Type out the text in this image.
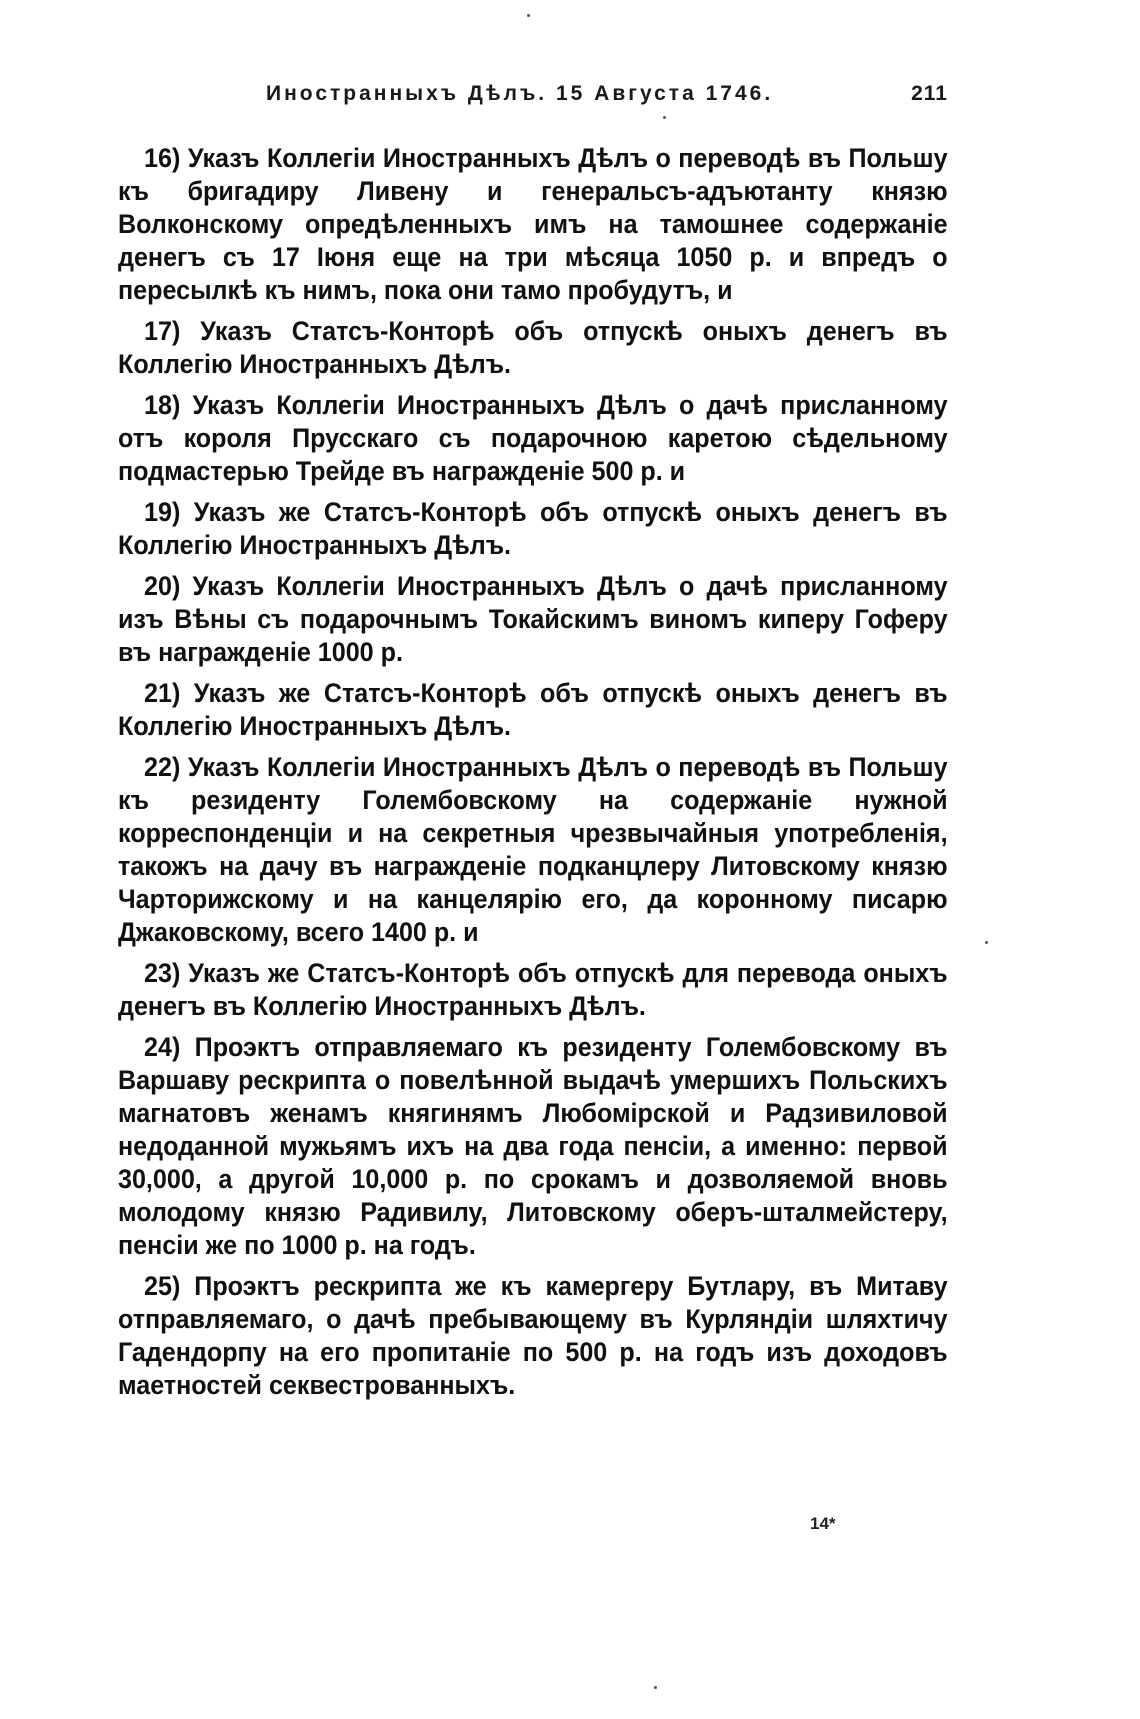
Иностранныхъ Дѣлъ. 15 Августа 1746.	211

16) Указъ Коллегіи Иностранныхъ Дѣлъ о переводѣ въ Польшу къ бригадиру Ливену и генеральсъ-адъютанту князю Волконскому опредѣленныхъ имъ на тамошнее содержаніе денегъ съ 17 Іюня еще на три мѣсяца 1050 р. и впредъ о пересылкѣ къ нимъ, пока они тамо пробудутъ, и

17) Указъ Статсъ-Конторѣ объ отпускѣ оныхъ денегъ въ Коллегію Иностранныхъ Дѣлъ.

18) Указъ Коллегіи Иностранныхъ Дѣлъ о дачѣ присланному отъ короля Прусскаго съ подарочною каретою сѣдельному подмастерью Трейде въ награжденіе 500 р. и

19) Указъ же Статсъ-Конторѣ объ отпускѣ оныхъ денегъ въ Коллегію Иностранныхъ Дѣлъ.

20) Указъ Коллегіи Иностранныхъ Дѣлъ о дачѣ присланному изъ Вѣны съ подарочнымъ Токайскимъ виномъ киперу Гоферу въ награжденіе 1000 р.

21) Указъ же Статсъ-Конторѣ объ отпускѣ оныхъ денегъ въ Коллегію Иностранныхъ Дѣлъ.

22) Указъ Коллегіи Иностранныхъ Дѣлъ о переводѣ въ Польшу къ резиденту Голембовскому на содержаніе нужной корреспонденціи и на секретныя чрезвычайныя употребленія, такожъ на дачу въ награжденіе подканцлеру Литовскому князю Чарторижскому и на канцелярію его, да коронному писарю Джаковскому, всего 1400 р. и

23) Указъ же Статсъ-Конторѣ объ отпускѣ для перевода оныхъ денегъ въ Коллегію Иностранныхъ Дѣлъ.

24) Проэктъ отправляемаго къ резиденту Голембовскому въ Варшаву рескрипта о повелѣнной выдачѣ умершихъ Польскихъ магнатовъ женамъ княгинямъ Любомірской и Радзивиловой недоданной мужьямъ ихъ на два года пенсіи, а именно: первой 30,000, а другой 10,000 р. по срокамъ и дозволяемой вновь молодому князю Радивилу, Литовскому оберъ-шталмейстеру, пенсіи же по 1000 р. на годъ.

25) Проэктъ рескрипта же къ камергеру Бутлару, въ Митаву отправляемаго, о дачѣ пребывающему въ Курляндіи шляхтичу Гадендорпу на его пропитаніе по 500 р. на годъ изъ доходовъ маетностей секвестрованныхъ.

14*
